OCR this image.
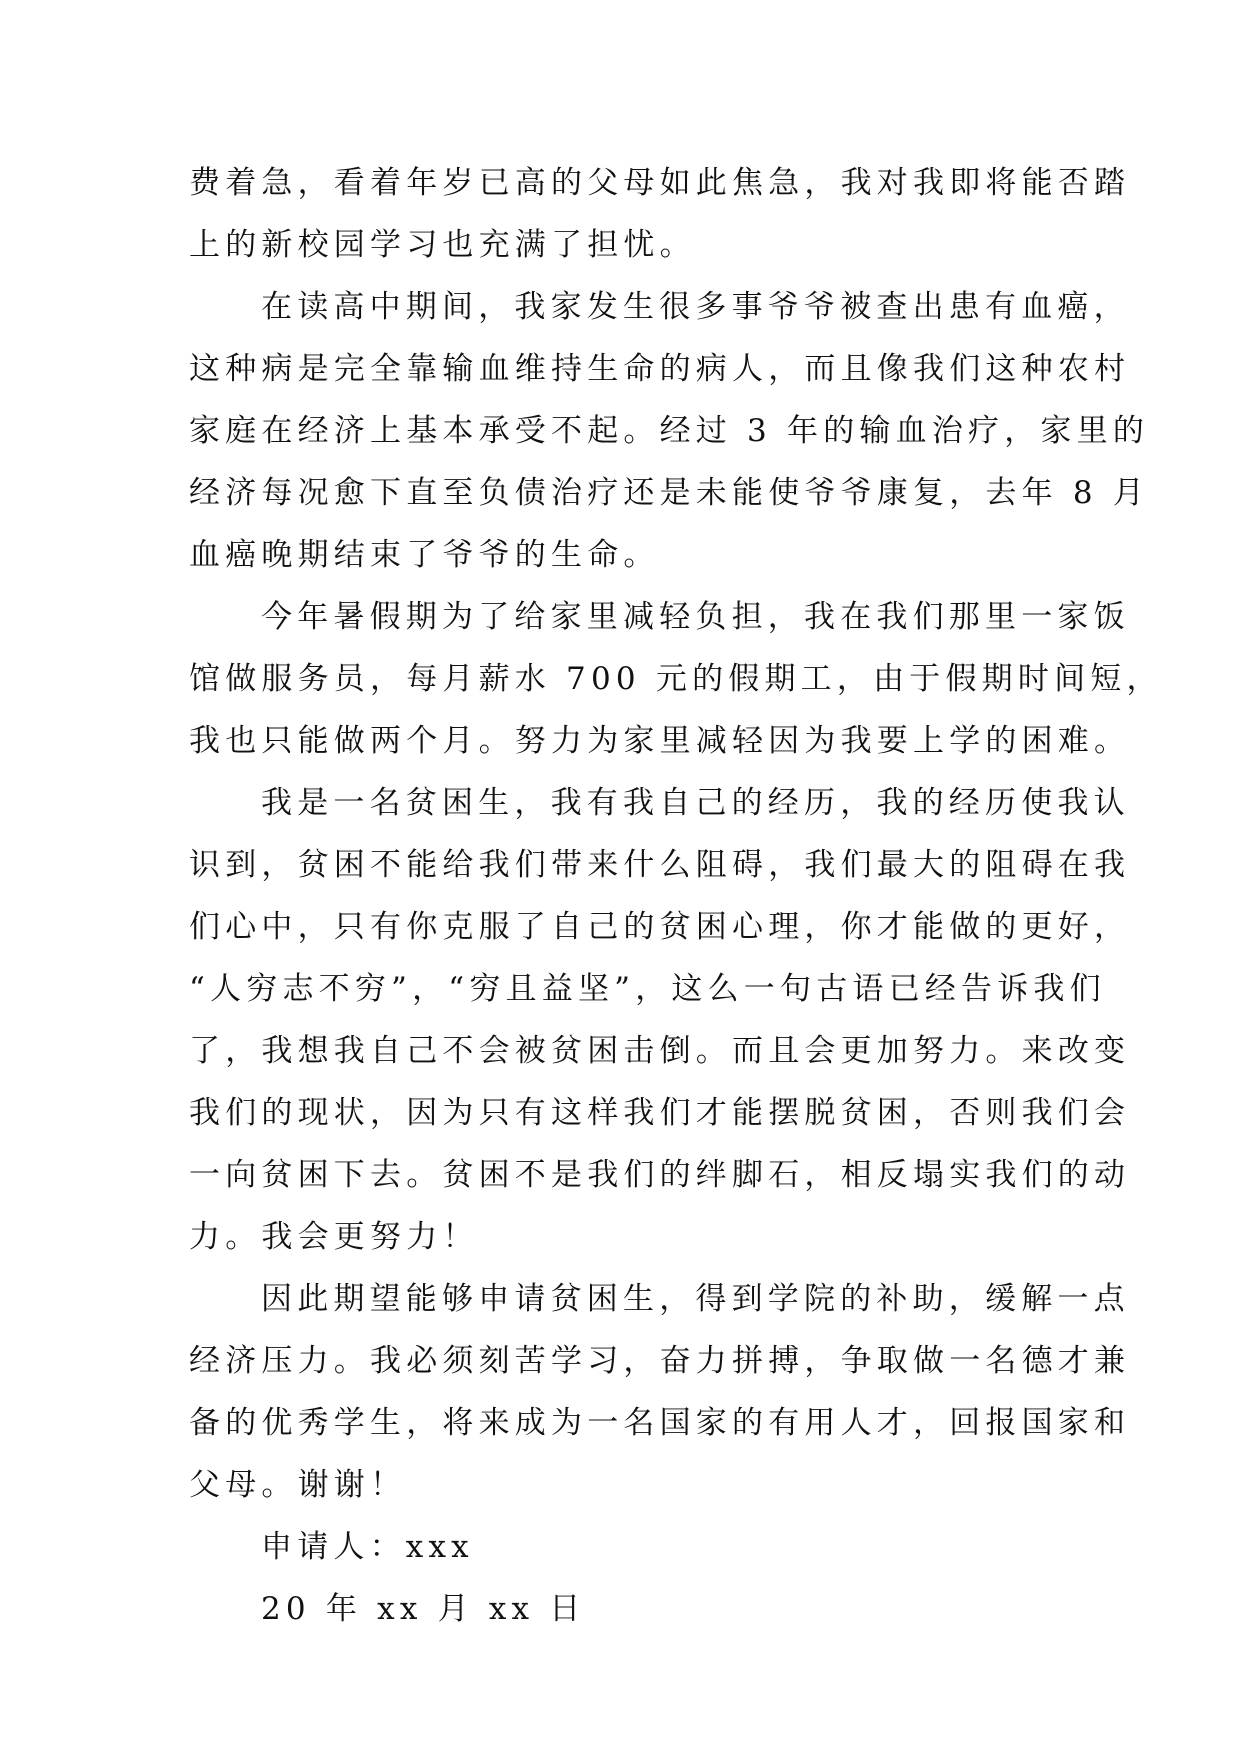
费着急，看着年岁已高的父母如此焦急，我对我即将能否踏
上的新校园学习也充满了担忧。
在读高中期间，我家发生很多事爷爷被查出患有血癌，
这种病是完全靠输血维持生命的病人，而且像我们这种农村
家庭在经济上基本承受不起。经过 3 年的输血治疗，家里的
经济每况愈下直至负债治疗还是未能使爷爷康复，去年 8 月
血癌晚期结束了爷爷的生命。
今年暑假期为了给家里减轻负担，我在我们那里一家饭
馆做服务员，每月薪水 700 元的假期工，由于假期时间短，
我也只能做两个月。努力为家里减轻因为我要上学的困难。
我是一名贫困生，我有我自己的经历，我的经历使我认
识到，贫困不能给我们带来什么阻碍，我们最大的阻碍在我
们心中，只有你克服了自己的贫困心理，你才能做的更好，
“人穷志不穷”，“穷且益坚”，这么一句古语已经告诉我们
了，我想我自己不会被贫困击倒。而且会更加努力。来改变
我们的现状，因为只有这样我们才能摆脱贫困，否则我们会
一向贫困下去。贫困不是我们的绊脚石，相反塌实我们的动
力。我会更努力！
因此期望能够申请贫困生，得到学院的补助，缓解一点
经济压力。我必须刻苦学习，奋力拼搏，争取做一名德才兼
备的优秀学生，将来成为一名国家的有用人才，回报国家和
父母。谢谢！
申请人：xxx
20 年 xx 月 xx 日
